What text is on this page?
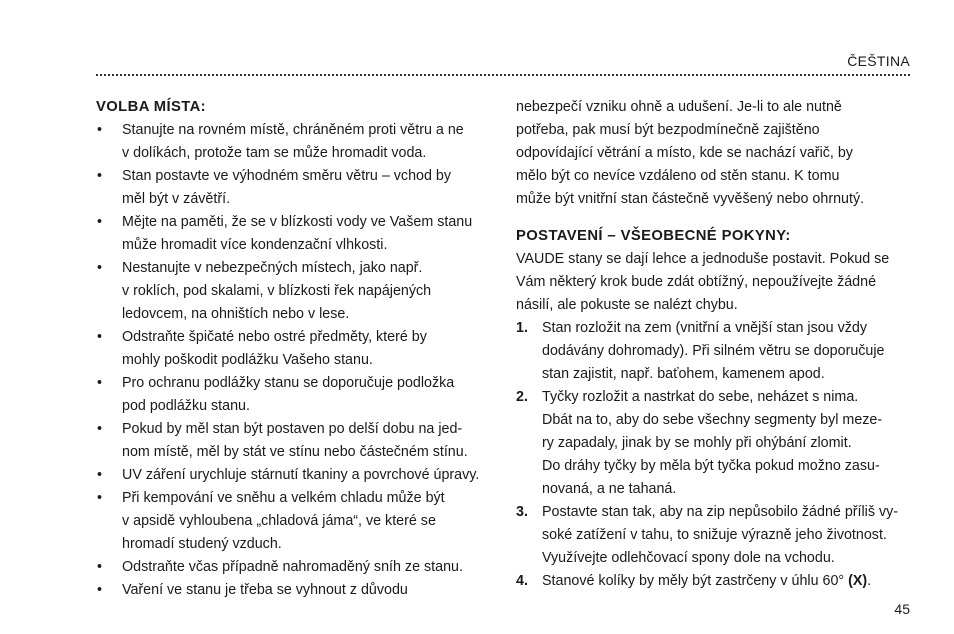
ČEŠTINA
VOLBA MÍSTA:
• Stanujte na rovném místě, chráněném proti větru a ne
v dolíkách, protože tam se může hromadit voda.
• Stan postavte ve výhodném směru větru – vchod by
měl být v závětří.
• Mějte na paměti, že se v blízkosti vody ve Vašem stanu
může hromadit více kondenzační vlhkosti.
• Nestanujte v nebezpečných místech, jako např.
v roklích, pod skalami, v blízkosti řek napájených
ledovcem, na ohništích nebo v lese.
• Odstraňte špičaté nebo ostré předměty, které by
mohly poškodit podlážku Vašeho stanu.
• Pro ochranu podlážky stanu se doporučuje podložka
pod podlážku stanu.
• Pokud by měl stan být postaven po delší dobu na jed-
nom místě, měl by stát ve stínu nebo částečném stínu.
• UV záření urychluje stárnutí tkaniny a povrchové úpravy.
• Při kempování ve sněhu a velkém chladu může být
v apsidě vyhloubena „chladová jáma“, ve které se
hromadí studený vzduch.
• Odstraňte včas případně nahromaděný sníh ze stanu.
• Vaření ve stanu je třeba se vyhnout z důvodu

nebezpečí vzniku ohně a udušení. Je-li to ale nutně
potřeba, pak musí být bezpodmínečně zajištěno
odpovídající větrání a místo, kde se nachází vařič, by
mělo být co nevíce vzdáleno od stěn stanu. K tomu
může být vnitřní stan částečně vyvěšený nebo ohrnutý.

POSTAVENÍ – VŠEOBECNÉ POKYNY:

VAUDE stany se dají lehce a jednoduše postavit. Pokud se
Vám některý krok bude zdát obtížný, nepoužívejte žádné
násilí, ale pokuste se nalézt chybu.

1. Stan rozložit na zem (vnitřní a vnější stan jsou vždy
dodávány dohromady). Při silném větru se doporučuje
stan zajistit, např. baťohem, kamenem apod.
2. Tyčky rozložit a nastrkat do sebe, neházet s nima.
Dbát na to, aby do sebe všechny segmenty byl meze-
ry zapadaly, jinak by se mohly při ohýbání zlomit.
Do dráhy tyčky by měla být tyčka pokud možno zasu-
novaná, a ne tahaná.
3. Postavte stan tak, aby na zip nepůsobilo žádné příliš vy-
soké zatížení v tahu, to snižuje výrazně jeho životnost.
Využívejte odlehčovací spony dole na vchodu.
4. Stanové kolíky by měly být zastrčeny v úhlu 60° (X).
45
